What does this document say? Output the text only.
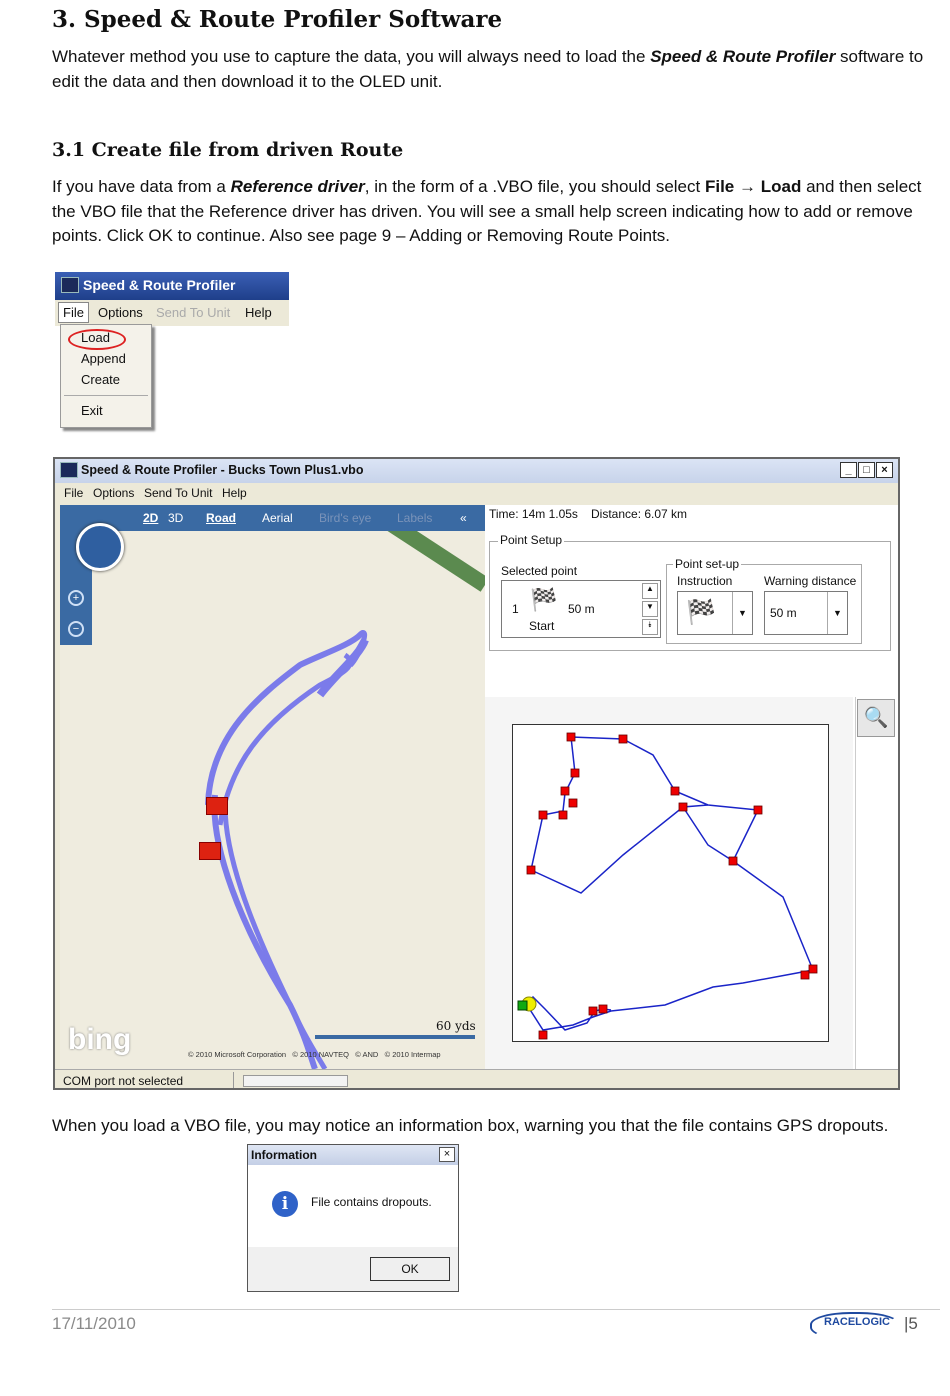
3. Speed & Route Profiler Software
Whatever method you use to capture the data, you will always need to load the Speed & Route Profiler software to edit the data and then download it to the OLED unit.
3.1 Create file from driven Route
If you have data from a Reference driver, in the form of a .VBO file, you should select File → Load and then select the VBO file that the Reference driver has driven. You will see a small help screen indicating how to add or remove points. Click OK to continue. Also see page 9 – Adding or Removing Route Points.
Speed & Route Profiler
File	Options Send To Unit Help
Load
Append
Create
Exit
Speed & Route Profiler - Bucks Town Plus1.vbo	_	□	×
File Options Send To Unit Help
2D 3D Road Aerial Bird's eye Labels «
+
−
bing	60 yds
© 2010 Microsoft Corporation © 2010 NAVTEQ © AND © 2010 Intermap
Time: 14m 1.05s Distance: 6.07 km
Point Setup
Selected point
1 🏁 50 m
Start
▲
▼
⯯
Point set-up
Instruction	Warning distance
🏁	▼	50 m	▼
🔍
COM port not selected
When you load a VBO file, you may notice an information box, warning you that the file contains GPS dropouts.
Information	×
i	File contains dropouts.
OK
17/11/2010	RACELOGIC |5
